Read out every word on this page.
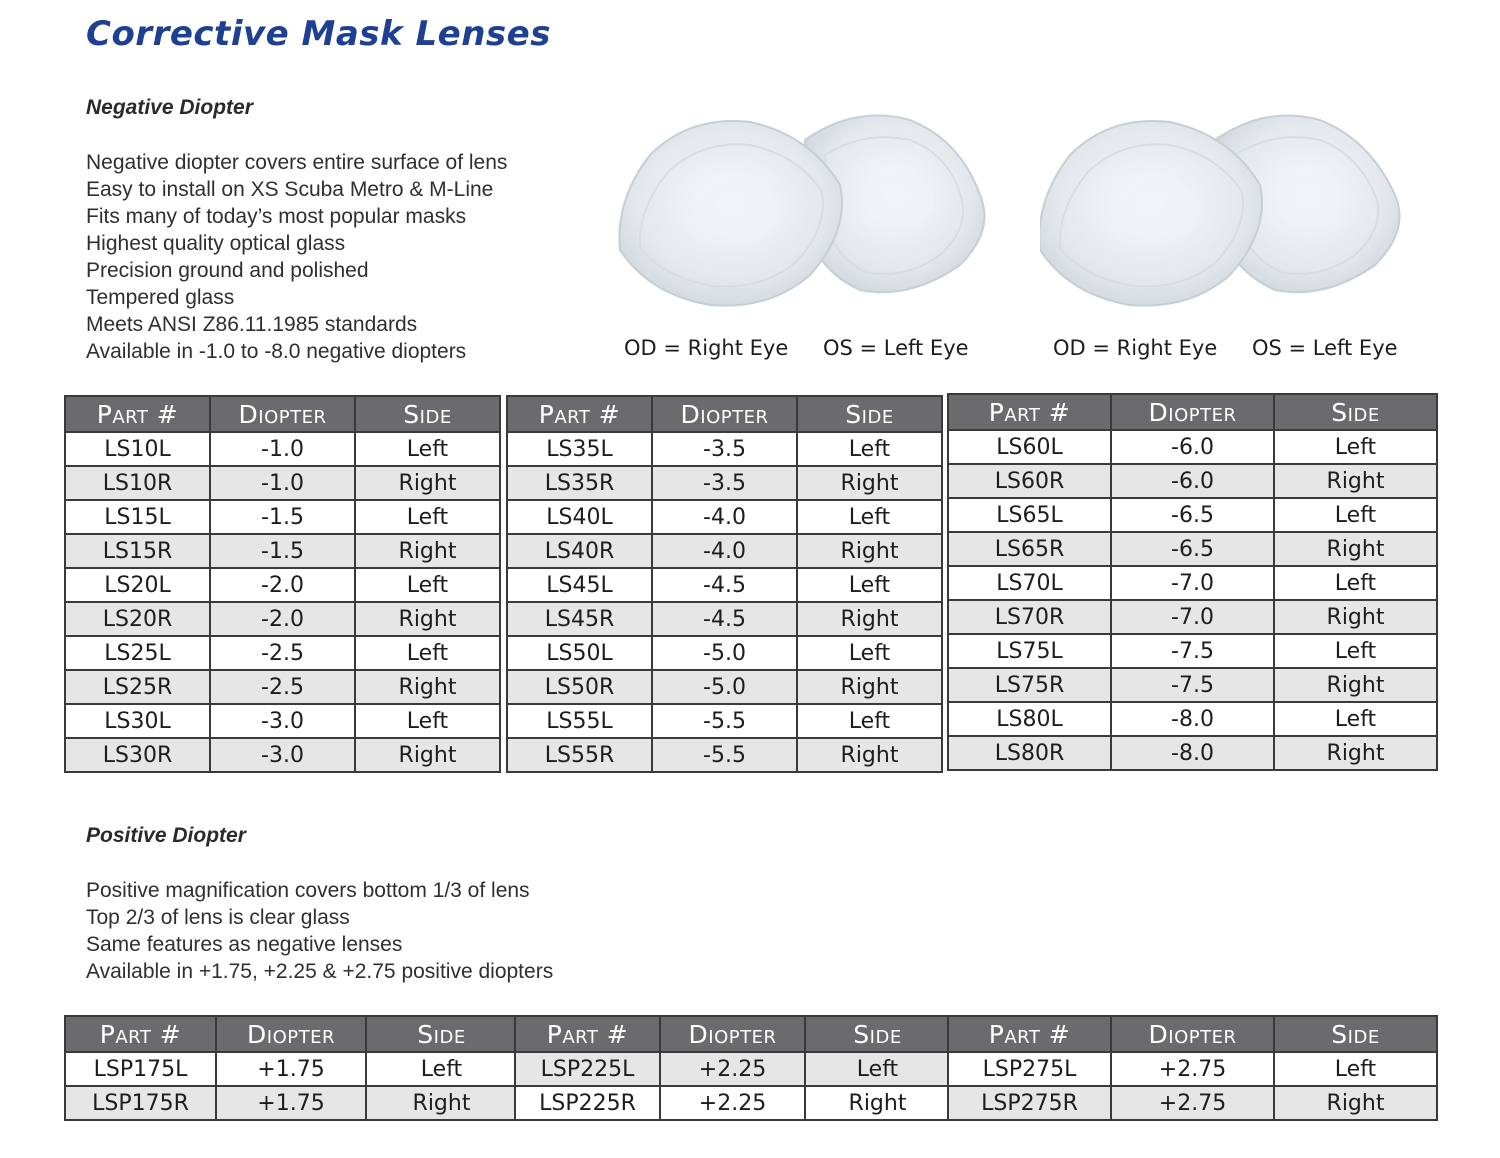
Corrective Mask Lenses
Negative Diopter
Negative diopter covers entire surface of lens
Easy to install on XS Scuba Metro & M-Line
Fits many of today’s most popular masks
Highest quality optical glass
Precision ground and polished
Tempered glass
Meets ANSI Z86.11.1985 standards
Available in -1.0 to -8.0 negative diopters	OD = Right Eye OS = Left Eye	OD = Right Eye OS = Left Eye
Part #	Diopter	Side
LS10L	-1.0	Left
LS10R	-1.0	Right
LS15L	-1.5	Left
LS15R	-1.5	Right
LS20L	-2.0	Left
LS20R	-2.0	Right
LS25L	-2.5	Left
LS25R	-2.5	Right
LS30L	-3.0	Left
LS30R	-3.0	Right
Part #	Diopter	Side
LS35L	-3.5	Left
LS35R	-3.5	Right
LS40L	-4.0	Left
LS40R	-4.0	Right
LS45L	-4.5	Left
LS45R	-4.5	Right
LS50L	-5.0	Left
LS50R	-5.0	Right
LS55L	-5.5	Left
LS55R	-5.5	Right
Part #	Diopter	Side
LS60L	-6.0	Left
LS60R	-6.0	Right
LS65L	-6.5	Left
LS65R	-6.5	Right
LS70L	-7.0	Left
LS70R	-7.0	Right
LS75L	-7.5	Left
LS75R	-7.5	Right
LS80L	-8.0	Left
LS80R	-8.0	Right
Positive Diopter
Positive magnification covers bottom 1/3 of lens
Top 2/3 of lens is clear glass
Same features as negative lenses
Available in +1.75, +2.25 & +2.75 positive diopters
Part #	Diopter	Side
LSP175L	+1.75	Left
LSP175R	+1.75	Right
Part #	Diopter	Side
LSP225L	+2.25	Left
LSP225R	+2.25	Right
Part #	Diopter	Side
LSP275L	+2.75	Left
LSP275R	+2.75	Right
